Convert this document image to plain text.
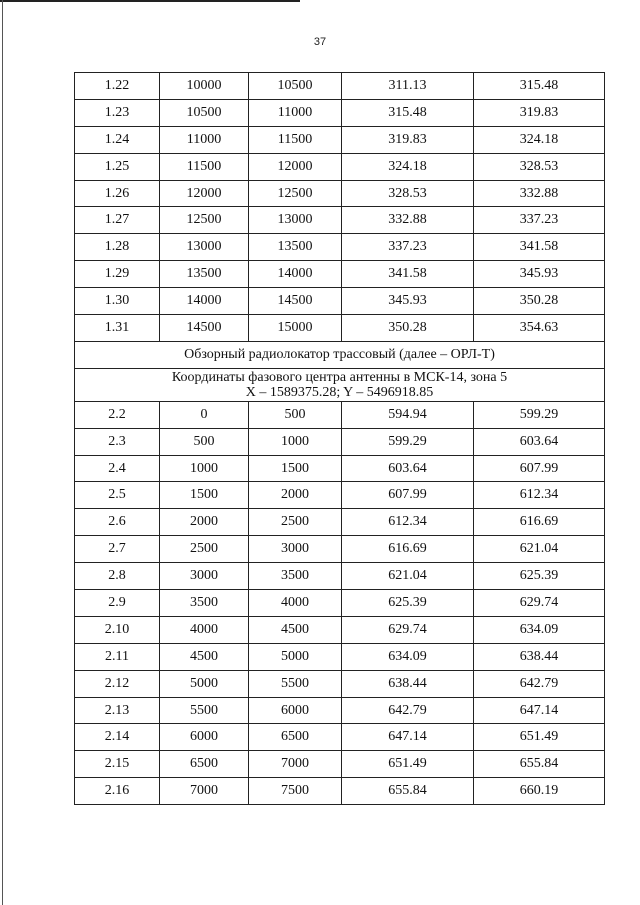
37
1.22	10000	10500	311.13	315.48
1.23	10500	11000	315.48	319.83
1.24	11000	11500	319.83	324.18
1.25	11500	12000	324.18	328.53
1.26	12000	12500	328.53	332.88
1.27	12500	13000	332.88	337.23
1.28	13000	13500	337.23	341.58
1.29	13500	14000	341.58	345.93
1.30	14000	14500	345.93	350.28
1.31	14500	15000	350.28	354.63
Обзорный радиолокатор трассовый (далее – ОРЛ-Т)				
Координаты фазового центра антенны в МСК-14, зона 5
X – 1589375.28; Y – 5496918.85				
2.2	0	500	594.94	599.29
2.3	500	1000	599.29	603.64
2.4	1000	1500	603.64	607.99
2.5	1500	2000	607.99	612.34
2.6	2000	2500	612.34	616.69
2.7	2500	3000	616.69	621.04
2.8	3000	3500	621.04	625.39
2.9	3500	4000	625.39	629.74
2.10	4000	4500	629.74	634.09
2.11	4500	5000	634.09	638.44
2.12	5000	5500	638.44	642.79
2.13	5500	6000	642.79	647.14
2.14	6000	6500	647.14	651.49
2.15	6500	7000	651.49	655.84
2.16	7000	7500	655.84	660.19
